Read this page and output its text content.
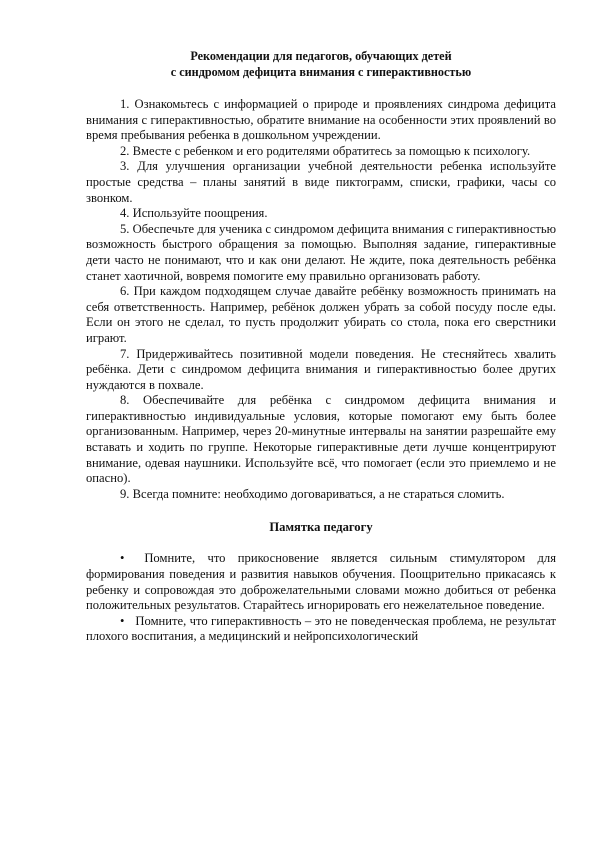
Рекомендации для педагогов, обучающих детей

с синдромом дефицита внимания с гиперактивностью

1. Ознакомьтесь с информацией о природе и проявлениях синдрома дефицита внимания с гиперактивностью, обратите внимание на особенности этих проявлений во время пребывания ребенка в дошкольном учреждении.

2. Вместе с ребенком и его родителями обратитесь за помощью к психологу.

3. Для улучшения организации учебной деятельности ребенка используйте простые средства – планы занятий в виде пиктограмм, списки, графики, часы со звонком.

4. Используйте поощрения.

5. Обеспечьте для ученика с синдромом дефицита внимания с гиперактивностью возможность быстрого обращения за помощью. Выполняя задание, гиперактивные дети часто не понимают, что и как они делают. Не ждите, пока деятельность ребёнка станет хаотичной, вовремя помогите ему правильно организовать работу.

6. При каждом подходящем случае давайте ребёнку возможность принимать на себя ответственность. Например, ребёнок должен убрать за собой посуду после еды. Если он этого не сделал, то пусть продолжит убирать со стола, пока его сверстники играют.

7. Придерживайтесь позитивной модели поведения. Не стесняйтесь хвалить ребёнка. Дети с синдромом дефицита внимания и гиперактивностью более других нуждаются в похвале.

8. Обеспечивайте для ребёнка с синдромом дефицита внимания и гиперактивностью индивидуальные условия, которые помогают ему быть более организованным. Например, через 20-минутные интервалы на занятии разрешайте ему вставать и ходить по группе. Некоторые гиперактивные дети лучше концентрируют внимание, одевая наушники. Используйте всё, что помогает (если это приемлемо и не опасно).

9. Всегда помните: необходимо договариваться, а не стараться сломить.

Памятка педагогу

• Помните, что прикосновение является сильным стимулятором для формирования поведения и развития навыков обучения. Поощрительно прикасаясь к ребенку и сопровождая это доброжелательными словами можно добиться от ребенка положительных результатов. Старайтесь игнорировать его нежелательное поведение.

• Помните, что гиперактивность – это не поведенческая проблема, не результат плохого воспитания, а медицинский и нейропсихологический
